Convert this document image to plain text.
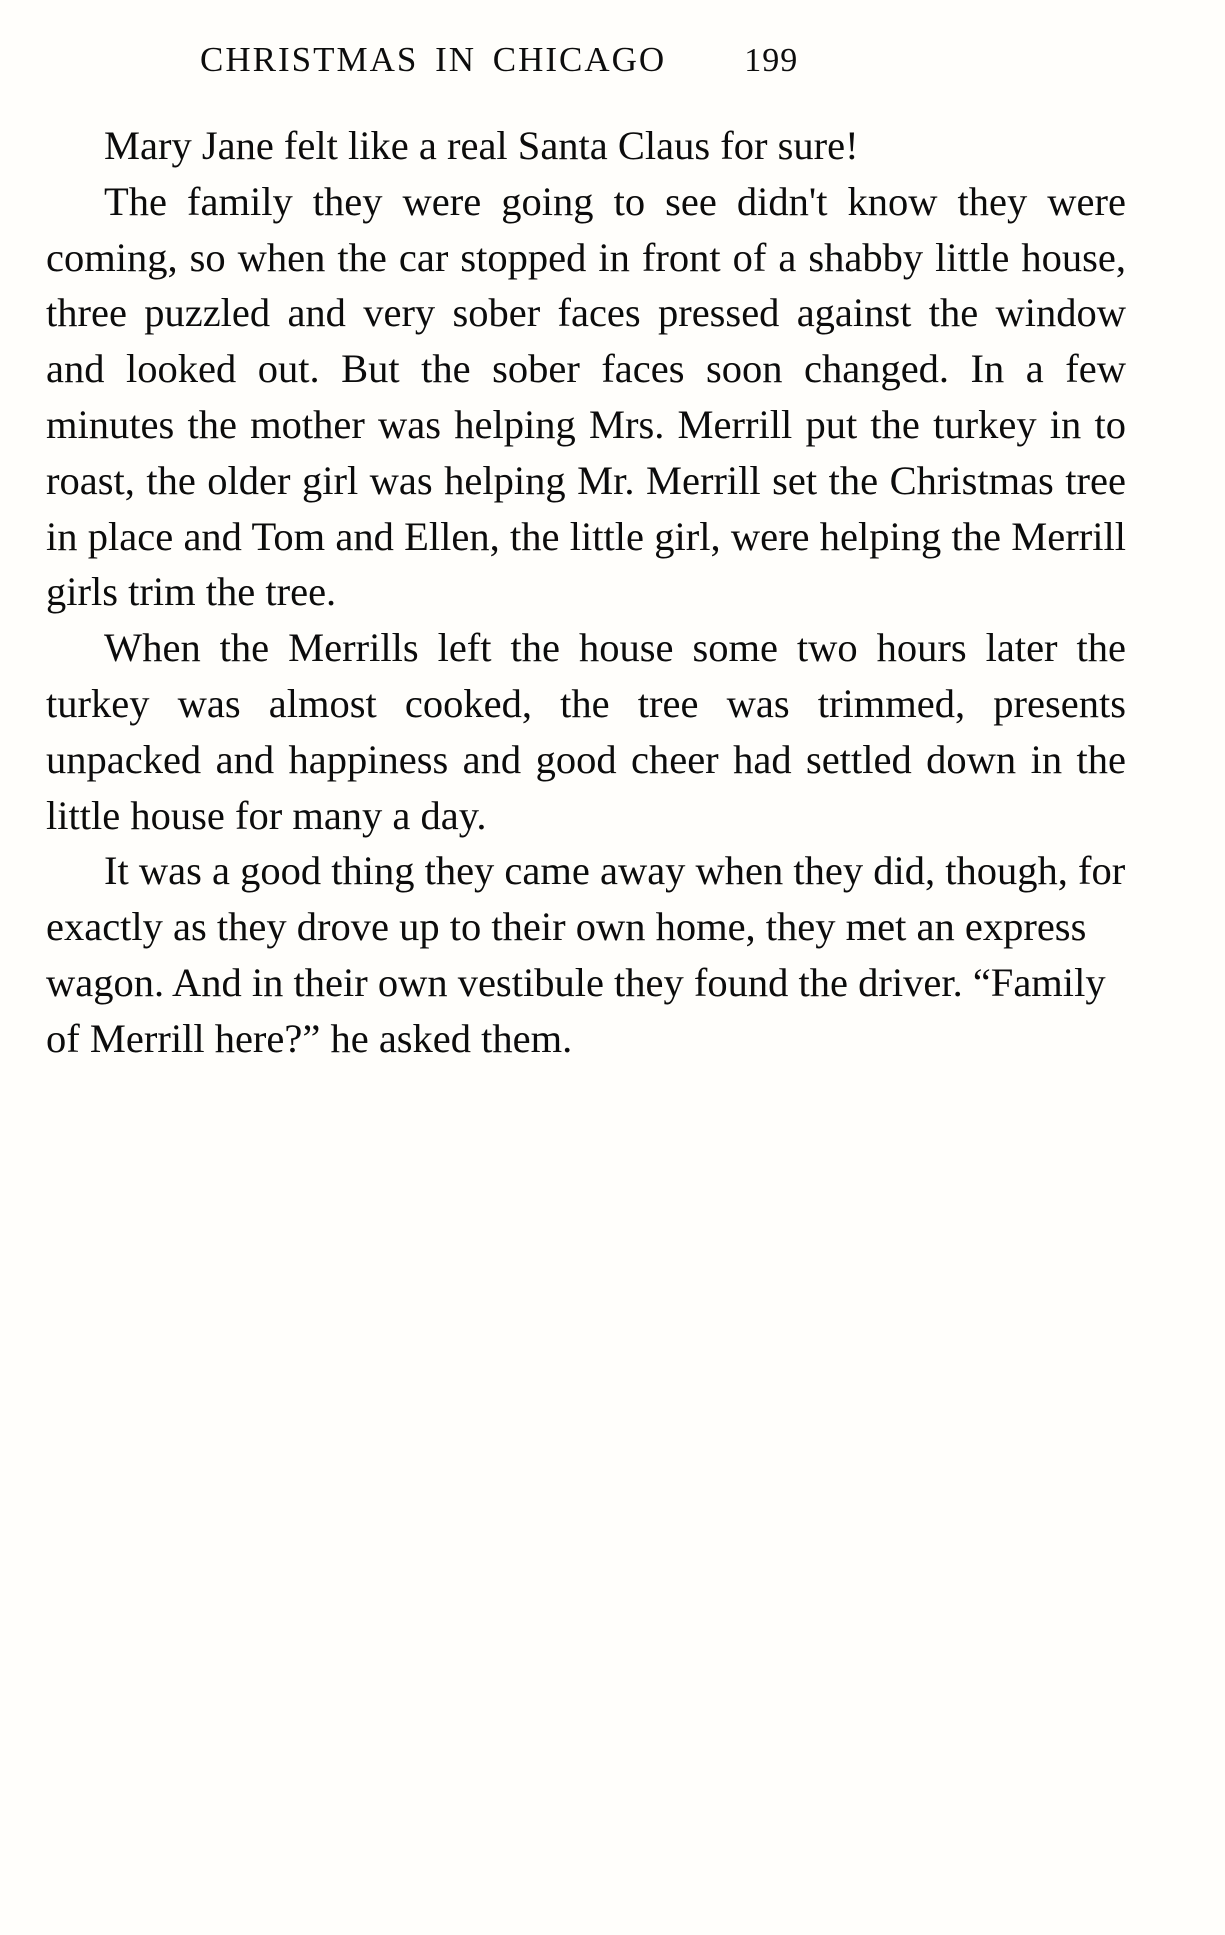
CHRISTMAS IN CHICAGO 199

Mary Jane felt like a real Santa Claus for sure!

The family they were going to see didn't know they were coming, so when the car stopped in front of a shabby little house, three puzzled and very sober faces pressed against the window and looked out. But the sober faces soon changed. In a few minutes the mother was helping Mrs. Merrill put the turkey in to roast, the older girl was helping Mr. Merrill set the Christmas tree in place and Tom and Ellen, the little girl, were helping the Merrill girls trim the tree.

When the Merrills left the house some two hours later the turkey was almost cooked, the tree was trimmed, presents unpacked and happiness and good cheer had settled down in the little house for many a day.

It was a good thing they came away when they did, though, for exactly as they drove up to their own home, they met an express wagon. And in their own vestibule they found the driver. “Family of Merrill here?” he asked them.
